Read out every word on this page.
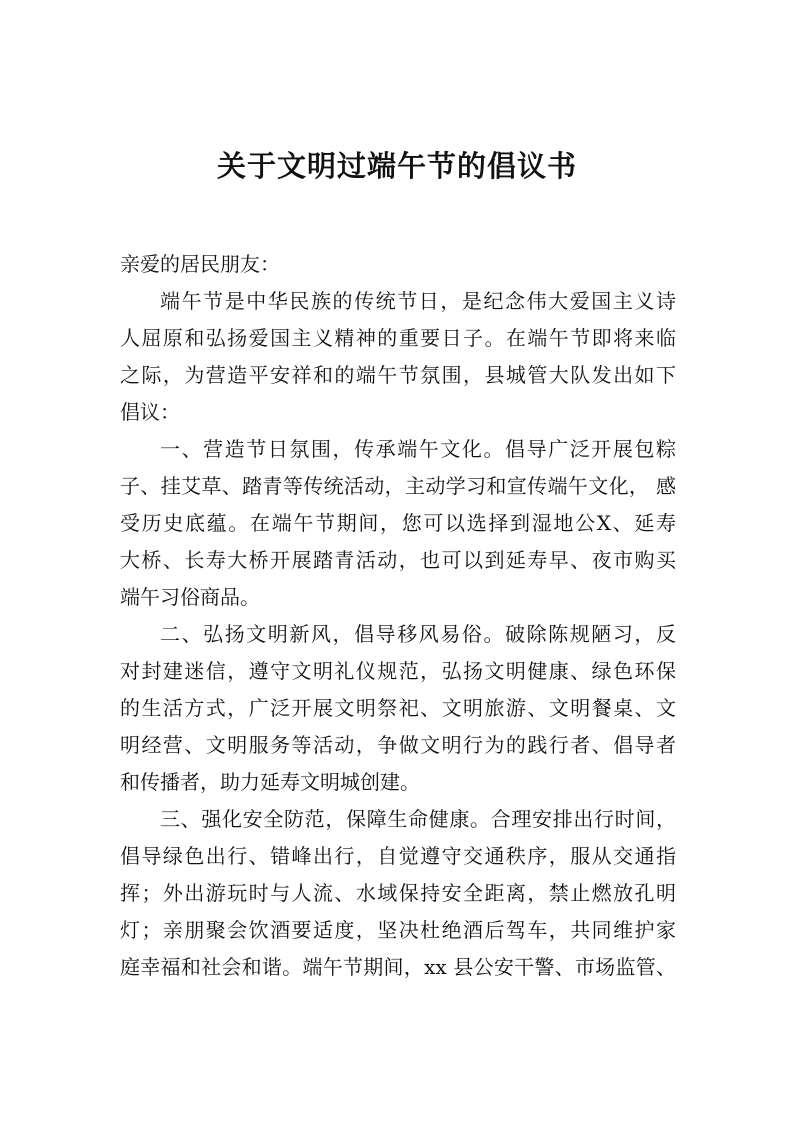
关于文明过端午节的倡议书
亲爱的居民朋友：
端午节是中华民族的传统节日，是纪念伟大爱国主义诗
人屈原和弘扬爱国主义精神的重要日子。在端午节即将来临
之际，为营造平安祥和的端午节氛围，县城管大队发出如下
倡议：
一、营造节日氛围，传承端午文化。倡导广泛开展包粽
子、挂艾草、踏青等传统活动，主动学习和宣传端午文化， 感
受历史底蕴。在端午节期间，您可以选择到湿地公X、延寿
大桥、长寿大桥开展踏青活动，也可以到延寿早、夜市购买
端午习俗商品。
二、弘扬文明新风，倡导移风易俗。破除陈规陋习，反
对封建迷信，遵守文明礼仪规范，弘扬文明健康、绿色环保
的生活方式，广泛开展文明祭祀、文明旅游、文明餐桌、文
明经营、文明服务等活动，争做文明行为的践行者、倡导者
和传播者，助力延寿文明城创建。
三、强化安全防范，保障生命健康。合理安排出行时间，
倡导绿色出行、错峰出行，自觉遵守交通秩序，服从交通指
挥；外出游玩时与人流、水域保持安全距离，禁止燃放孔明
灯；亲朋聚会饮酒要适度，坚决杜绝酒后驾车，共同维护家
庭幸福和社会和谐。端午节期间，xx 县公安干警、市场监管、
